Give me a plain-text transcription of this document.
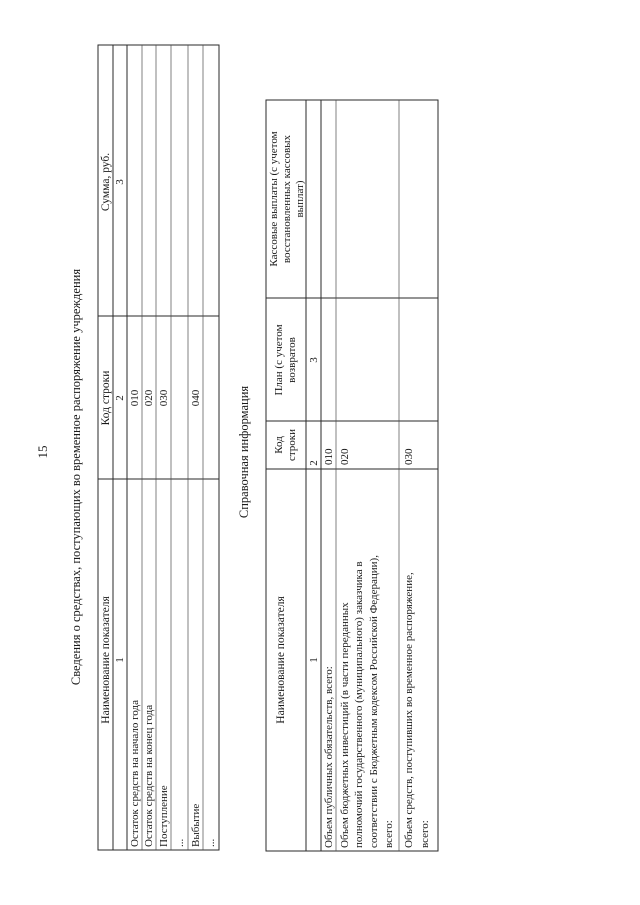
15 Сведения о средствах, поступающих во временное распоряжение учреждения Наименование показателя
Код строки
Сумма, руб.
1
2
3
Остаток средств на начало года Остаток средств на конец года Поступление ... Выбытие ...
010 020 030 040	Справочная информация
Наименование показателя
Код строки
План (с учетом возвратов
Кассовые выплаты (с учетом восстановленных кассовых выплат)
1
2
3
Объем публичных обязательств, всего:
010
Объем бюджетных инвестиций (в части переданных полномочий государственного (муниципального) заказчика в соответствии с Бюджетным кодексом Российской Федерации), всего:
020
Объем средств, поступивших во временное распоряжение, всего:
030
